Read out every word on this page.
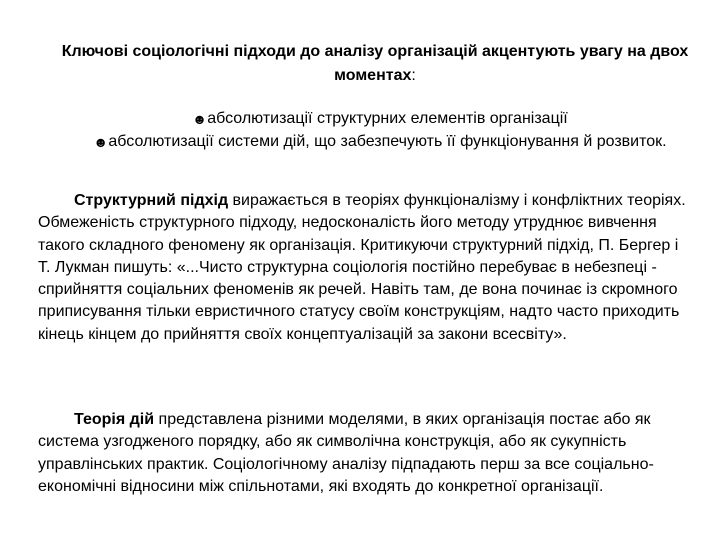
Ключові соціологічні підходи до аналізу організацій акцентують увагу на двох моментах:
☻абсолютизації структурних елементів організації
☻абсолютизації системи дій, що забезпечують її функціонування й розвиток.
Структурний підхід виражається в теоріях функціоналізму і конфліктних теоріях. Обмеженість структурного підходу, недосконалість його методу утруднює вивчення такого складного феномену як організація. Критикуючи структурний підхід, П. Бергер і Т. Лукман пишуть: «...Чисто структурна соціологія постійно перебуває в небезпеці - сприйняття соціальних феноменів як речей. Навіть там, де вона починає із скромного приписування тільки евристичного статусу своїм конструкціям, надто часто приходить кінець кінцем до прийняття своїх концептуалізацій за закони всесвіту».
Теорія дій представлена різними моделями, в яких організація постає або як система узгодженого порядку, або як символічна конструкція, або як сукупність управлінських практик. Соціологічному аналізу підпадають перш за все соціально-економічні відносини між спільнотами, які входять до конкретної організації.
